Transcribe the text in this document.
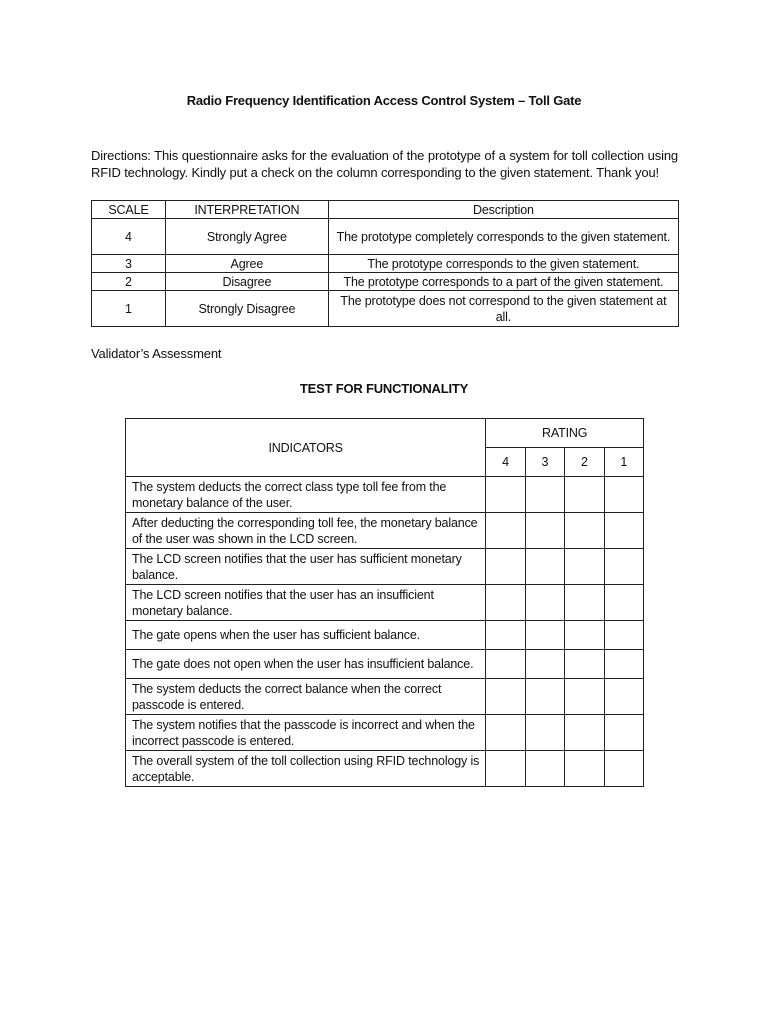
Radio Frequency Identification Access Control System – Toll Gate
Directions: This questionnaire asks for the evaluation of the prototype of a system for toll collection using RFID technology. Kindly put a check on the column corresponding to the given statement. Thank you!
SCALE	INTERPRETATION	Description
4	Strongly Agree	The prototype completely corresponds to the given statement.
3	Agree	The prototype corresponds to the given statement.
2	Disagree	The prototype corresponds to a part of the given statement.
1	Strongly Disagree	The prototype does not correspond to the given statement at all.
Validator’s Assessment
TEST FOR FUNCTIONALITY
INDICATORS	RATING			
	4	3	2	1
The system deducts the correct class type toll fee from the monetary balance of the user.				
After deducting the corresponding toll fee, the monetary balance of the user was shown in the LCD screen.				
The LCD screen notifies that the user has sufficient monetary balance.				
The LCD screen notifies that the user has an insufficient monetary balance.				
The gate opens when the user has sufficient balance.				
The gate does not open when the user has insufficient balance.				
The system deducts the correct balance when the correct passcode is entered.				
The system notifies that the passcode is incorrect and when the incorrect passcode is entered.				
The overall system of the toll collection using RFID technology is acceptable.				
